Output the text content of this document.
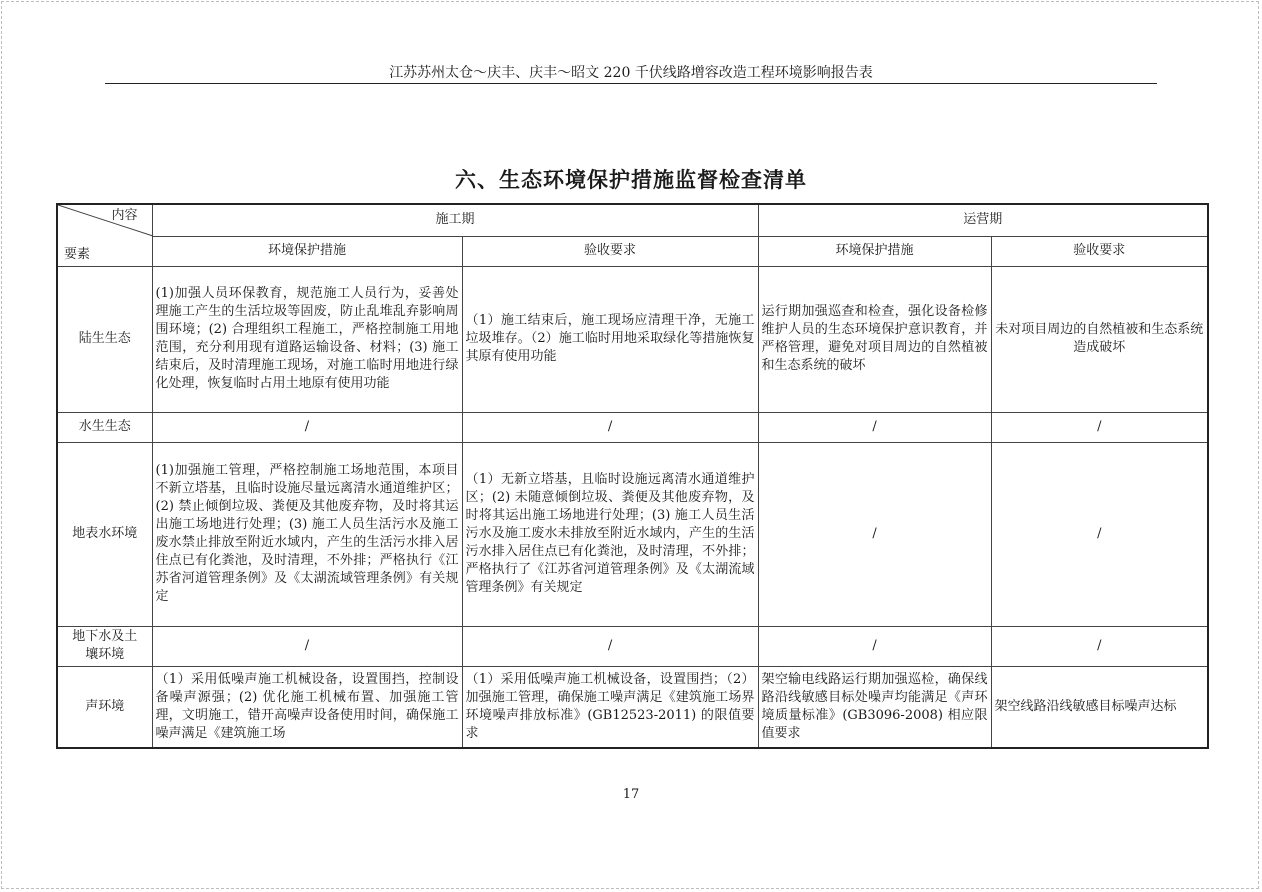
江苏苏州太仓～庆丰、庆丰～昭文 220 千伏线路增容改造工程环境影响报告表
六、生态环境保护措施监督检查清单
内容
要素	施工期		运营期	
	环境保护措施	验收要求	环境保护措施	验收要求
陆生生态	(1)加强人员环保教育，规范施工人员行为，妥善处理施工产生的生活垃圾等固废，防止乱堆乱弃影响周围环境；(2) 合理组织工程施工，严格控制施工用地范围，充分利用现有道路运输设备、材料；(3) 施工结束后，及时清理施工现场，对施工临时用地进行绿化处理，恢复临时占用土地原有使用功能	（1）施工结束后，施工现场应清理干净，无施工垃圾堆存。（2）施工临时用地采取绿化等措施恢复其原有使用功能	运行期加强巡查和检查，强化设备检修维护人员的生态环境保护意识教育，并严格管理，避免对项目周边的自然植被和生态系统的破坏	未对项目周边的自然植被和生态系统造成破坏
水生生态	/	/	/	/
地表水环境	(1)加强施工管理，严格控制施工场地范围，本项目不新立塔基，且临时设施尽量远离清水通道维护区；(2) 禁止倾倒垃圾、粪便及其他废弃物，及时将其运出施工场地进行处理；(3) 施工人员生活污水及施工废水禁止排放至附近水域内，产生的生活污水排入居住点已有化粪池，及时清理，不外排；严格执行《江苏省河道管理条例》及《太湖流域管理条例》有关规定	（1）无新立塔基，且临时设施远离清水通道维护区；(2) 未随意倾倒垃圾、粪便及其他废弃物，及时将其运出施工场地进行处理；(3) 施工人员生活污水及施工废水未排放至附近水域内，产生的生活污水排入居住点已有化粪池，及时清理，不外排；严格执行了《江苏省河道管理条例》及《太湖流域管理条例》有关规定	/	/
地下水及土壤环境	/	/	/	/
声环境	（1）采用低噪声施工机械设备，设置围挡，控制设备噪声源强；(2) 优化施工机械布置、加强施工管理，文明施工，错开高噪声设备使用时间，确保施工噪声满足《建筑施工场	（1）采用低噪声施工机械设备，设置围挡；（2）加强施工管理，确保施工噪声满足《建筑施工场界环境噪声排放标准》(GB12523-2011) 的限值要求	架空输电线路运行期加强巡检，确保线路沿线敏感目标处噪声均能满足《声环境质量标准》(GB3096-2008) 相应限值要求	架空线路沿线敏感目标噪声达标
17
